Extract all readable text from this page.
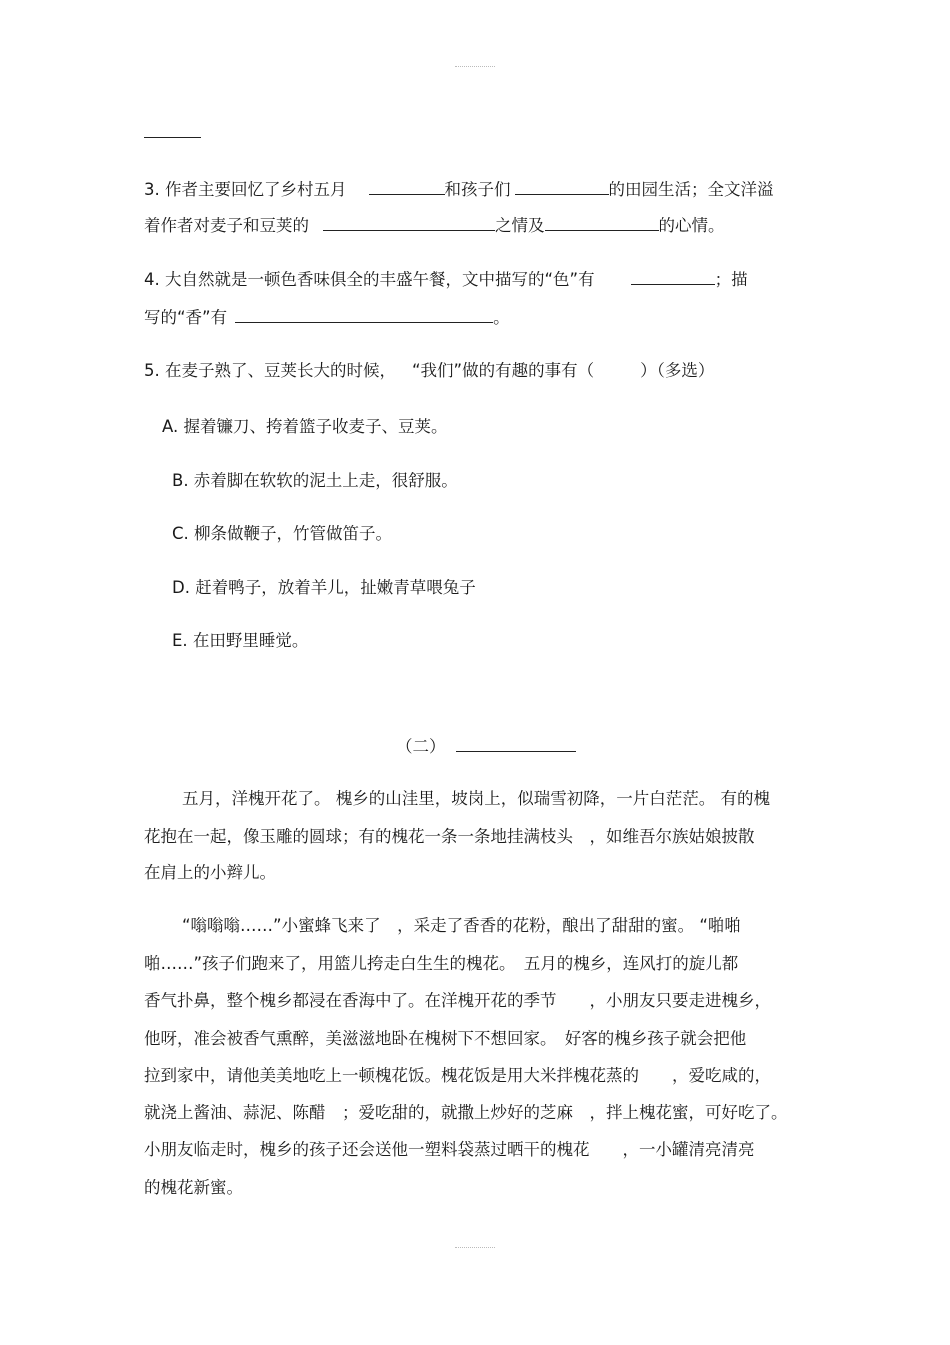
3. 作者主要回忆了乡村五月	和孩子们	的田园生活；全文洋溢
着作者对麦子和豆荚的	之情及	的心情。
4. 大自然就是一顿色香味俱全的丰盛午餐，文中描写的“色”有	；描
写的“香”有	。
5. 在麦子熟了、豆荚长大的时候， “我们”做的有趣的事有（	）（多选）
A. 握着镰刀、挎着篮子收麦子、豆荚。
B. 赤着脚在软软的泥土上走，很舒服。
C. 柳条做鞭子，竹管做笛子。
D. 赶着鸭子，放着羊儿，扯嫩青草喂兔子
E. 在田野里睡觉。
（二）
五月，洋槐开花了。 槐乡的山洼里，坡岗上，似瑞雪初降，一片白茫茫。 有的槐
花抱在一起，像玉雕的圆球；有的槐花一条一条地挂满枝头　，如维吾尔族姑娘披散
在肩上的小辫儿。
“嗡嗡嗡……”小蜜蜂飞来了　，采走了香香的花粉，酿出了甜甜的蜜。 “啪啪
啪……”孩子们跑来了，用篮儿挎走白生生的槐花。　五月的槐乡，连风打的旋儿都
香气扑鼻，整个槐乡都浸在香海中了。在洋槐开花的季节　　，小朋友只要走进槐乡，
他呀，准会被香气熏醉，美滋滋地卧在槐树下不想回家。　好客的槐乡孩子就会把他
拉到家中，请他美美地吃上一顿槐花饭。槐花饭是用大米拌槐花蒸的　　，爱吃咸的，
就浇上酱油、蒜泥、陈醋　；爱吃甜的，就撒上炒好的芝麻　，拌上槐花蜜，可好吃了。
小朋友临走时，槐乡的孩子还会送他一塑料袋蒸过晒干的槐花　　，一小罐清亮清亮
的槐花新蜜。
